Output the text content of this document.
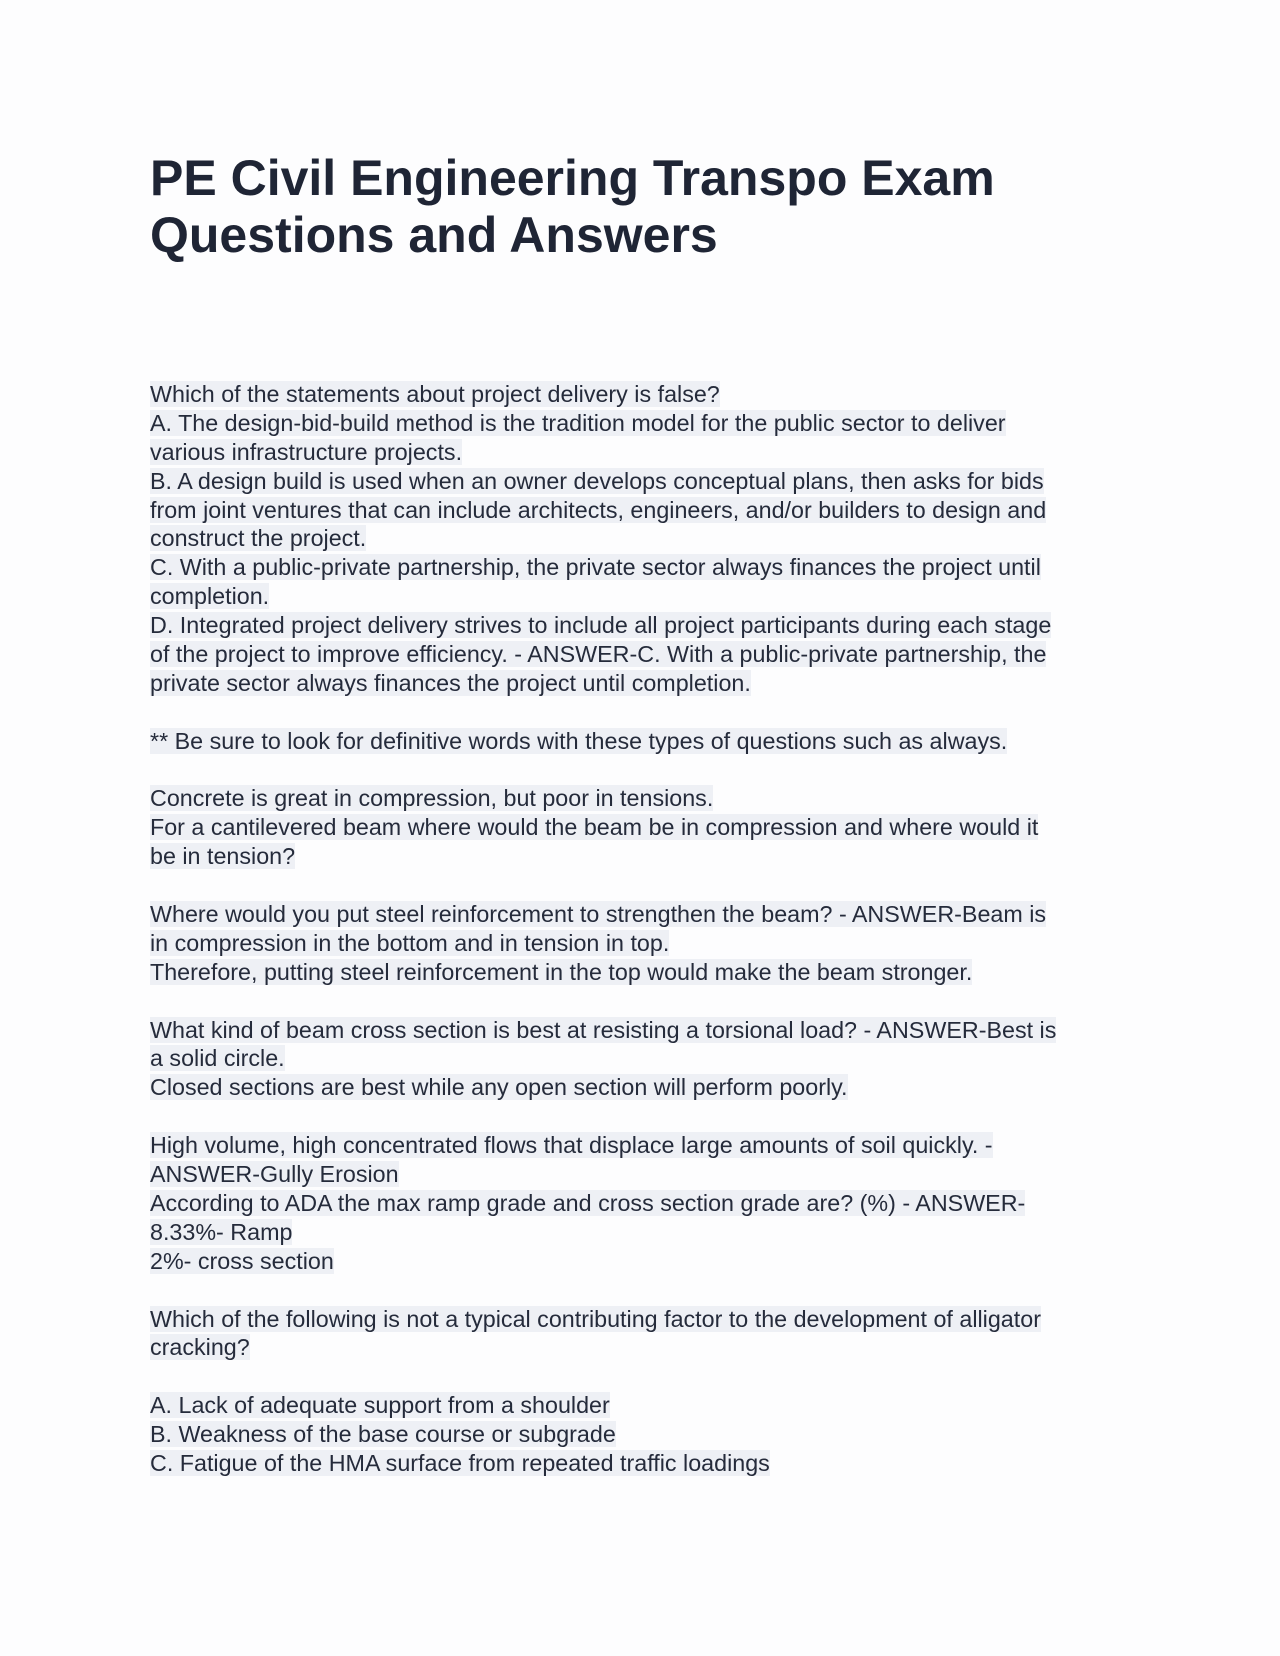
PE Civil Engineering Transpo Exam
Questions and Answers
Which of the statements about project delivery is false?
A. The design-bid-build method is the tradition model for the public sector to deliver
various infrastructure projects.
B. A design build is used when an owner develops conceptual plans, then asks for bids
from joint ventures that can include architects, engineers, and/or builders to design and
construct the project.
C. With a public-private partnership, the private sector always finances the project until
completion.
D. Integrated project delivery strives to include all project participants during each stage
of the project to improve efficiency. - ANSWER-C. With a public-private partnership, the
private sector always finances the project until completion.
** Be sure to look for definitive words with these types of questions such as always.
Concrete is great in compression, but poor in tensions.
For a cantilevered beam where would the beam be in compression and where would it
be in tension?
Where would you put steel reinforcement to strengthen the beam? - ANSWER-Beam is
in compression in the bottom and in tension in top.
Therefore, putting steel reinforcement in the top would make the beam stronger.
What kind of beam cross section is best at resisting a torsional load? - ANSWER-Best is
a solid circle.
Closed sections are best while any open section will perform poorly.
High volume, high concentrated flows that displace large amounts of soil quickly. -
ANSWER-Gully Erosion
According to ADA the max ramp grade and cross section grade are? (%) - ANSWER-
8.33%- Ramp
2%- cross section
Which of the following is not a typical contributing factor to the development of alligator
cracking?
A. Lack of adequate support from a shoulder
B. Weakness of the base course or subgrade
C. Fatigue of the HMA surface from repeated traffic loadings
